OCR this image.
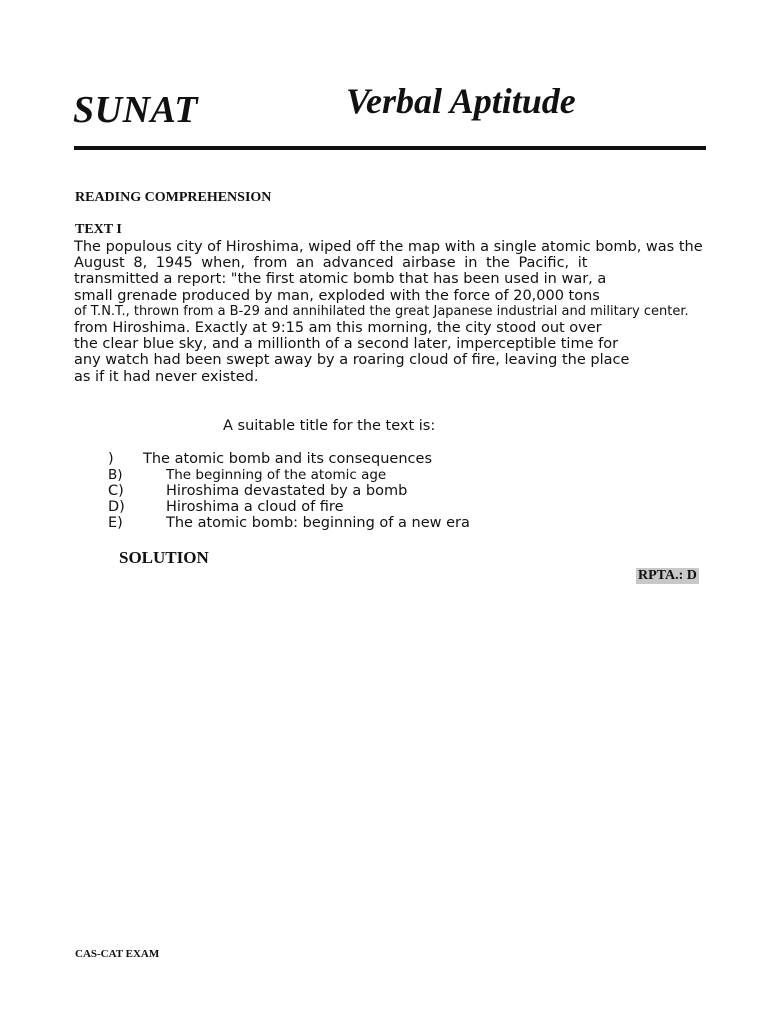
SUNAT	Verbal Aptitude
READING COMPREHENSION
TEXT I
The populous city of Hiroshima, wiped off the map with a single atomic bomb, was the
August 8, 1945 when, from an advanced airbase in the Pacific, it
transmitted a report: "the first atomic bomb that has been used in war, a
small grenade produced by man, exploded with the force of 20,000 tons
of T.N.T., thrown from a B-29 and annihilated the great Japanese industrial and military center.
from Hiroshima. Exactly at 9:15 am this morning, the city stood out over
the clear blue sky, and a millionth of a second later, imperceptible time for
any watch had been swept away by a roaring cloud of fire, leaving the place
as if it had never existed.
A suitable title for the text is:
) The atomic bomb and its consequences
B)	The beginning of the atomic age
C)	Hiroshima devastated by a bomb
D)	Hiroshima a cloud of fire
E)	The atomic bomb: beginning of a new era
SOLUTION
RPTA.: D
CAS-CAT EXAM
